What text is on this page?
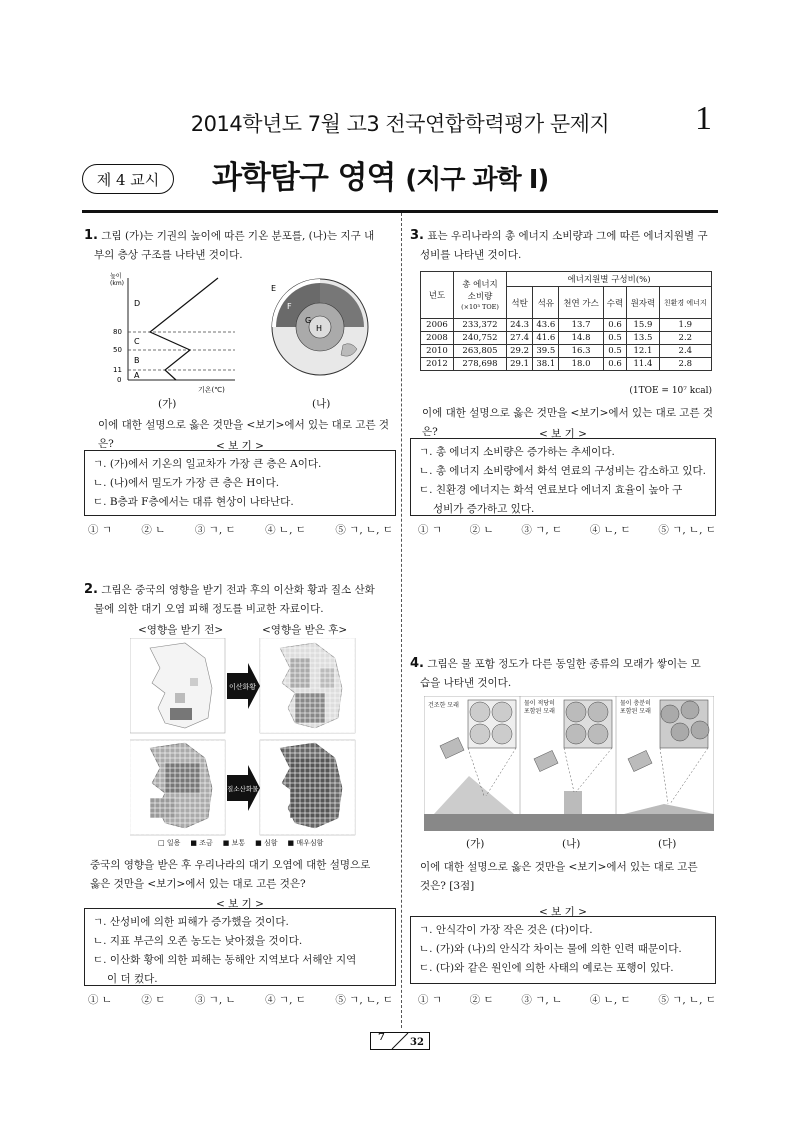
2014학년도 7월 고3 전국연합학력평가 문제지	1
제 4 교시	과학탐구 영역 (지구 과학 Ⅰ)
1. 그림 (가)는 기권의 높이에 따른 기온 분포를, (나)는 지구 내
부의 층상 구조를 나타낸 것이다.
높이
(km)
80
50
11
0
D
C
B
A
기온(℃)
E
F
G
H
(가)	(나)
이에 대한 설명으로 옳은 것만을 <보기>에서 있는 대로 고른 것은?	< 보 기 >
ㄱ. (가)에서 기온의 일교차가 가장 큰 층은 A이다.
ㄴ. (나)에서 밀도가 가장 큰 층은 H이다.
ㄷ. B층과 F층에서는 대류 현상이 나타난다.
① ㄱ	② ㄴ	③ ㄱ, ㄷ	④ ㄴ, ㄷ	⑤ ㄱ, ㄴ, ㄷ
2. 그림은 중국의 영향을 받기 전과 후의 이산화 황과 질소 산화
물에 의한 대기 오염 피해 정도를 비교한 자료이다.
<영향을 받기 전>	<영향을 받은 후>
이산화황
질소산화물
□ 일용 ■ 조금 ■ 보통 ■ 심함 ■ 매우심함
중국의 영향을 받은 후 우리나라의 대기 오염에 대한 설명으로
옳은 것만을 <보기>에서 있는 대로 고른 것은?
< 보 기 >
ㄱ. 산성비에 의한 피해가 증가했을 것이다.
ㄴ. 지표 부근의 오존 농도는 낮아졌을 것이다.
ㄷ. 이산화 황에 의한 피해는 동해안 지역보다 서해안 지역
이 더 컸다.
① ㄴ	② ㄷ	③ ㄱ, ㄴ	④ ㄱ, ㄷ	⑤ ㄱ, ㄴ, ㄷ
3. 표는 우리나라의 총 에너지 소비량과 그에 따른 에너지원별 구
성비를 나타낸 것이다.
년도	총 에너지
소비량
(×10³ TOE)	에너지원별 구성비(%)					
		석탄	석유	천연 가스	수력	원자력	친환경 에너지
2006	233,372	24.3	43.6	13.7	0.6	15.9	1.9
2008	240,752	27.4	41.6	14.8	0.5	13.5	2.2
2010	263,805	29.2	39.5	16.3	0.5	12.1	2.4
2012	278,698	29.1	38.1	18.0	0.6	11.4	2.8
(1TOE = 10⁷ kcal)
이에 대한 설명으로 옳은 것만을 <보기>에서 있는 대로 고른 것은?	< 보 기 >
ㄱ. 총 에너지 소비량은 증가하는 추세이다.
ㄴ. 총 에너지 소비량에서 화석 연료의 구성비는 감소하고 있다.
ㄷ. 친환경 에너지는 화석 연료보다 에너지 효율이 높아 구
성비가 증가하고 있다.
① ㄱ	② ㄴ	③ ㄱ, ㄷ	④ ㄴ, ㄷ	⑤ ㄱ, ㄴ, ㄷ
4. 그림은 물 포함 정도가 다른 동일한 종류의 모래가 쌓이는 모
습을 나타낸 것이다.
건조한 모래	물이 적당히 포함된 모래
물이 충분히 포함된 모래
(가)	(나)	(다)
이에 대한 설명으로 옳은 것만을 <보기>에서 있는 대로 고른
것은? [3점]
< 보 기 >
ㄱ. 안식각이 가장 작은 것은 (다)이다.
ㄴ. (가)와 (나)의 안식각 차이는 물에 의한 인력 때문이다.
ㄷ. (다)와 같은 원인에 의한 사태의 예로는 포행이 있다.
① ㄱ	② ㄷ	③ ㄱ, ㄴ	④ ㄴ, ㄷ	⑤ ㄱ, ㄴ, ㄷ
7	32
